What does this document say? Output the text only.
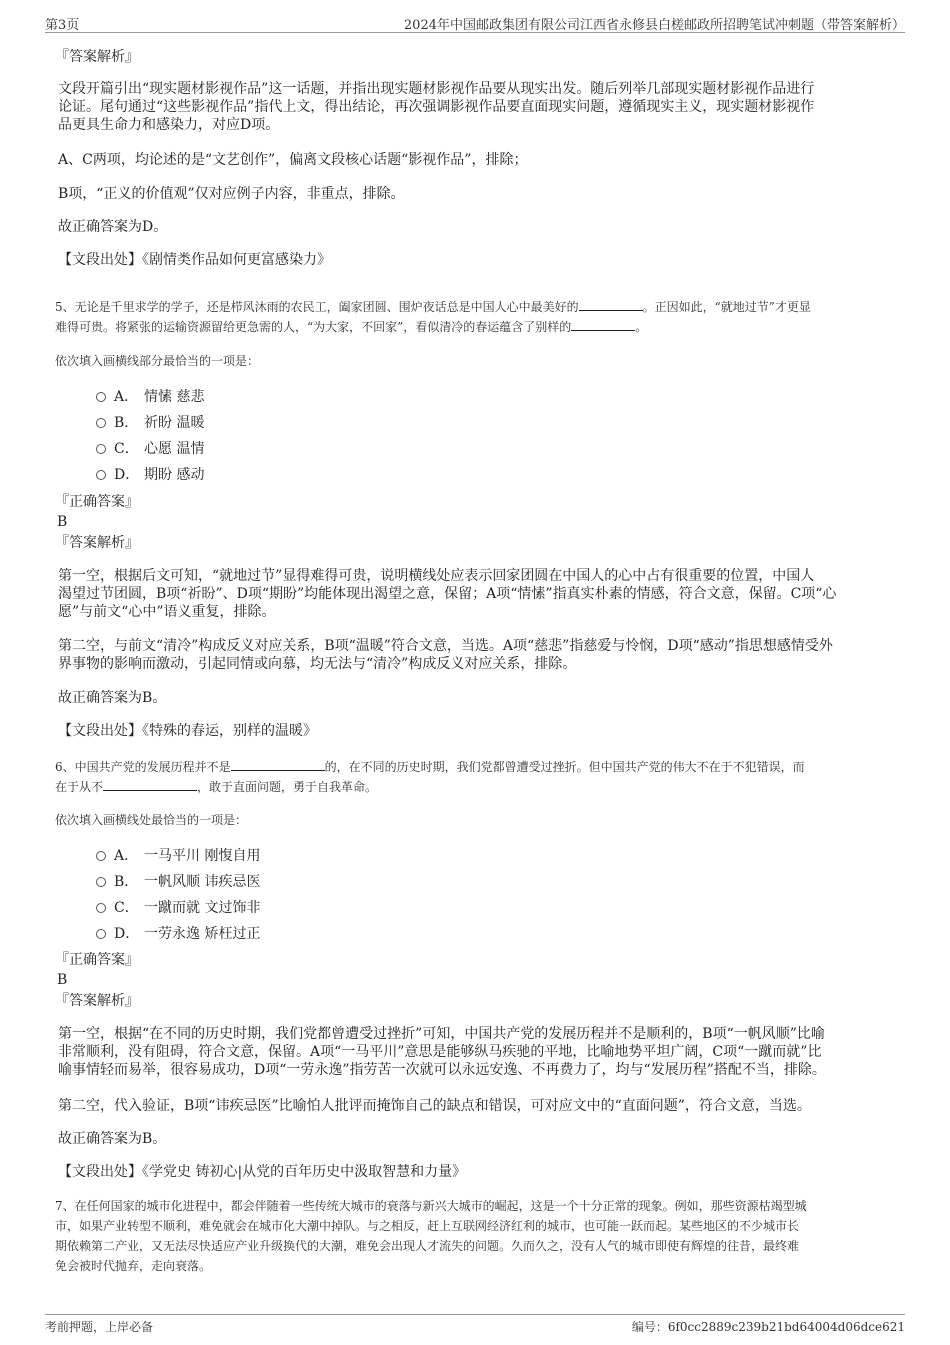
第3页	2024年中国邮政集团有限公司江西省永修县白槎邮政所招聘笔试冲刺题（带答案解析）
『答案解析』
文段开篇引出“现实题材影视作品”这一话题，并指出现实题材影视作品要从现实出发。随后列举几部现实题材影视作品进行
论证。尾句通过“这些影视作品”指代上文，得出结论，再次强调影视作品要直面现实问题，遵循现实主义，现实题材影视作
品更具生命力和感染力，对应D项。
A、C两项，均论述的是“文艺创作”，偏离文段核心话题“影视作品”，排除；
B项，“正义的价值观”仅对应例子内容，非重点，排除。
故正确答案为D。
【文段出处】《剧情类作品如何更富感染力》
5、无论是千里求学的学子，还是栉风沐雨的农民工，阖家团圆、围炉夜话总是中国人心中最美好的	。正因如此，“就地过节”才更显
难得可贵。将紧张的运输资源留给更急需的人，“为大家，不回家”，看似清冷的春运蕴含了别样的	。
依次填入画横线部分最恰当的一项是：
A． 情愫 慈悲
B． 祈盼 温暖
C． 心愿 温情
D． 期盼 感动
『正确答案』
B
『答案解析』
第一空，根据后文可知，“就地过节”显得难得可贵，说明横线处应表示回家团圆在中国人的心中占有很重要的位置，中国人
渴望过节团圆，B项“祈盼”、D项“期盼”均能体现出渴望之意，保留；A项“情愫”指真实朴素的情感，符合文意，保留。C项“心
愿”与前文“心中”语义重复，排除。
第二空，与前文“清冷”构成反义对应关系，B项“温暖”符合文意，当选。A项“慈悲”指慈爱与怜悯，D项“感动”指思想感情受外
界事物的影响而激动，引起同情或向慕，均无法与“清冷”构成反义对应关系，排除。
故正确答案为B。
【文段出处】《特殊的春运，别样的温暖》
6、中国共产党的发展历程并不是	的，在不同的历史时期，我们党都曾遭受过挫折。但中国共产党的伟大不在于不犯错误，而
在于从不	，敢于直面问题，勇于自我革命。
依次填入画横线处最恰当的一项是：
A． 一马平川 刚愎自用
B． 一帆风顺 讳疾忌医
C． 一蹴而就 文过饰非
D． 一劳永逸 矫枉过正
『正确答案』
B
『答案解析』
第一空，根据“在不同的历史时期，我们党都曾遭受过挫折”可知，中国共产党的发展历程并不是顺利的，B项“一帆风顺”比喻
非常顺利，没有阻碍，符合文意，保留。A项“一马平川”意思是能够纵马疾驰的平地，比喻地势平坦广阔，C项“一蹴而就”比
喻事情轻而易举，很容易成功，D项“一劳永逸”指劳苦一次就可以永远安逸、不再费力了，均与“发展历程”搭配不当，排除。
第二空，代入验证，B项“讳疾忌医”比喻怕人批评而掩饰自己的缺点和错误，可对应文中的“直面问题”，符合文意，当选。
故正确答案为B。
【文段出处】《学党史 铸初心|从党的百年历史中汲取智慧和力量》
7、在任何国家的城市化进程中，都会伴随着一些传统大城市的衰落与新兴大城市的崛起，这是一个十分正常的现象。例如，那些资源枯竭型城
市，如果产业转型不顺利，难免就会在城市化大潮中掉队。与之相反，赶上互联网经济红利的城市，也可能一跃而起。某些地区的不少城市长
期依赖第二产业，又无法尽快适应产业升级换代的大潮，难免会出现人才流失的问题。久而久之，没有人气的城市即使有辉煌的往昔，最终难
免会被时代抛弃，走向衰落。
考前押题，上岸必备	编号：6f0cc2889c239b21bd64004d06dce621
